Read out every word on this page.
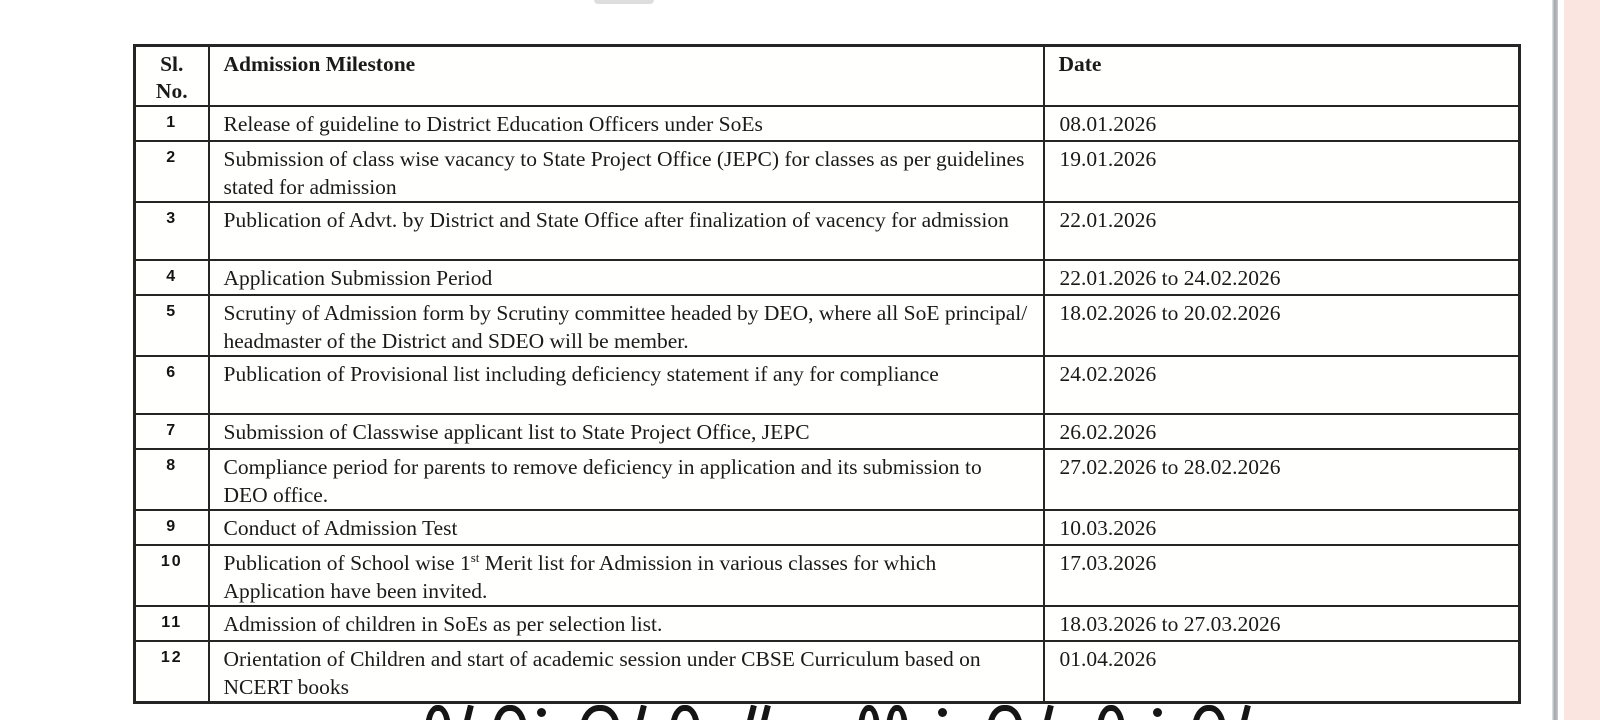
Sl. No.	Admission Milestone	Date
1	Release of guideline to District Education Officers under SoEs	08.01.2026
2	Submission of class wise vacancy to State Project Office (JEPC) for classes as per guidelines stated for admission	19.01.2026
3	Publication of Advt. by District and State Office after finalization of vacency for admission	22.01.2026
4	Application Submission Period	22.01.2026 to 24.02.2026
5	Scrutiny of Admission form by Scrutiny committee headed by DEO, where all SoE principal/ headmaster of the District and SDEO will be member.	18.02.2026 to 20.02.2026
6	Publication of Provisional list including deficiency statement if any for compliance	24.02.2026
7	Submission of Classwise applicant list to State Project Office, JEPC	26.02.2026
8	Compliance period for parents to remove deficiency in application and its submission to DEO office.	27.02.2026 to 28.02.2026
9	Conduct of Admission Test	10.03.2026
10	Publication of School wise 1st Merit list for Admission in various classes for which Application have been invited.	17.03.2026
11	Admission of children in SoEs as per selection list.	18.03.2026 to 27.03.2026
12	Orientation of Children and start of academic session under CBSE Curriculum based on NCERT books	01.04.2026
